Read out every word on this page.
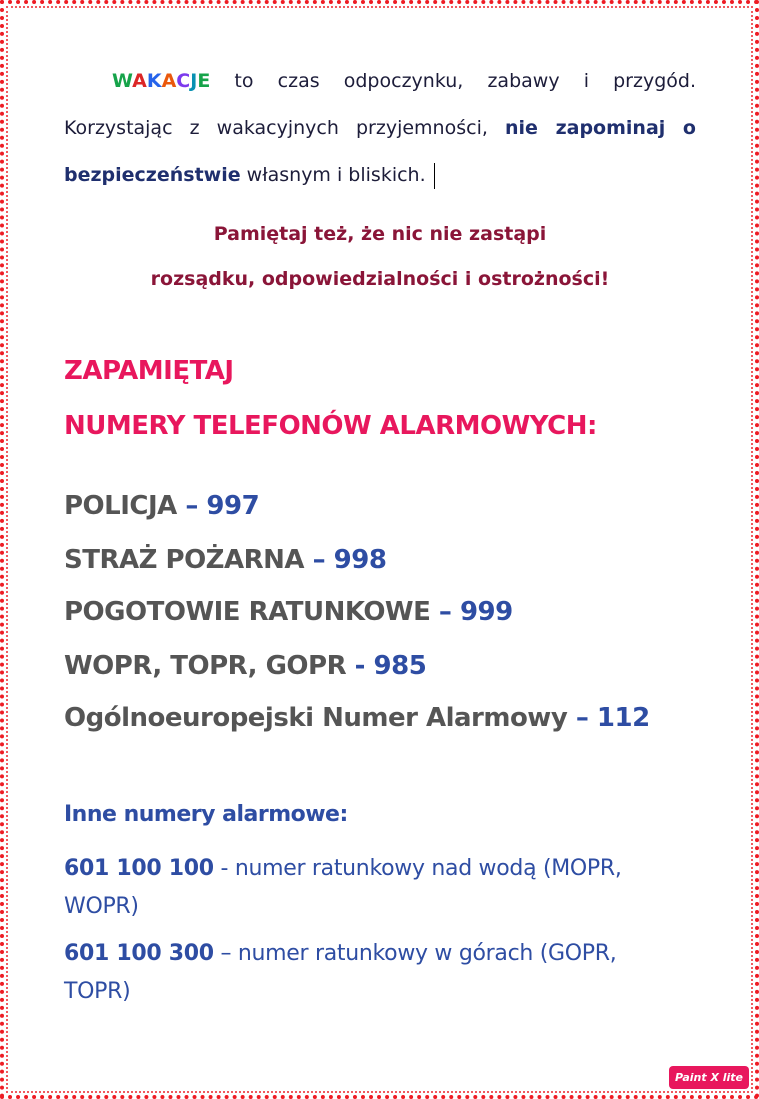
WAKACJE to czas odpoczynku, zabawy i przygód. Korzystając z wakacyjnych przyjemności, nie zapominaj o bezpieczeństwie własnym i bliskich.
Pamiętaj też, że nic nie zastąpi
rozsądku, odpowiedzialności i ostrożności!
ZAPAMIĘTAJ
NUMERY TELEFONÓW ALARMOWYCH:
POLICJA – 997
STRAŻ POŻARNA – 998
POGOTOWIE RATUNKOWE – 999
WOPR, TOPR, GOPR - 985
Ogólnoeuropejski Numer Alarmowy – 112
Inne numery alarmowe:
601 100 100 - numer ratunkowy nad wodą (MOPR, WOPR)
601 100 300 – numer ratunkowy w górach (GOPR, TOPR)
Paint X lite
